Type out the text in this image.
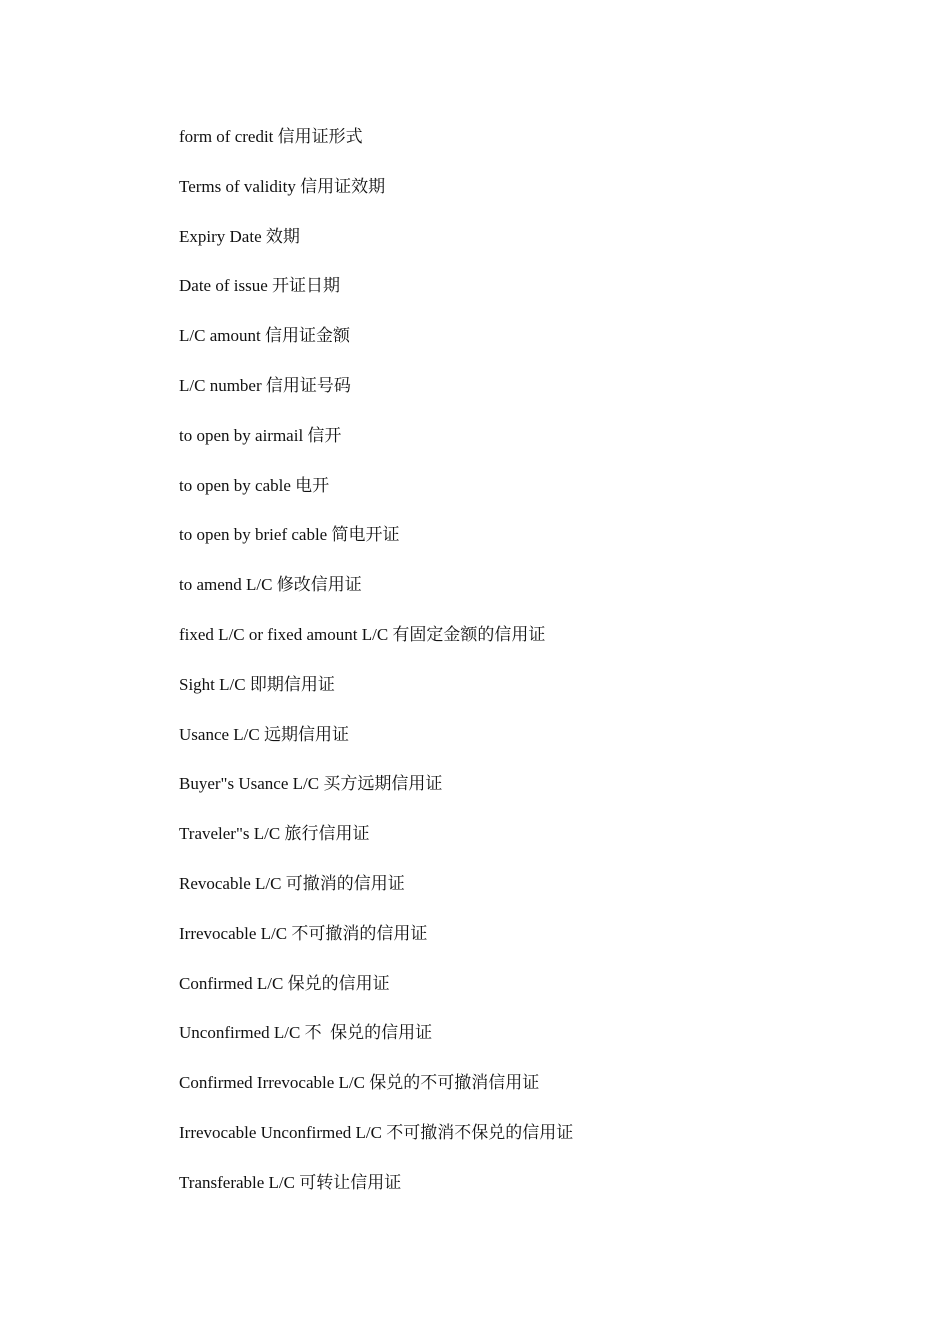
form of credit 信用证形式
Terms of validity 信用证效期
Expiry Date 效期
Date of issue 开证日期
L/C amount 信用证金额
L/C number 信用证号码
to open by airmail 信开
to open by cable 电开
to open by brief cable 简电开证
to amend L/C 修改信用证
fixed L/C or fixed amount L/C 有固定金额的信用证
Sight L/C 即期信用证
Usance L/C 远期信用证
Buyer"s Usance L/C 买方远期信用证
Traveler"s L/C 旅行信用证
Revocable L/C 可撤消的信用证
Irrevocable L/C 不可撤消的信用证
Confirmed L/C 保兑的信用证
Unconfirmed L/C 不  保兑的信用证
Confirmed Irrevocable L/C 保兑的不可撤消信用证
Irrevocable Unconfirmed L/C 不可撤消不保兑的信用证
Transferable L/C 可转让信用证
